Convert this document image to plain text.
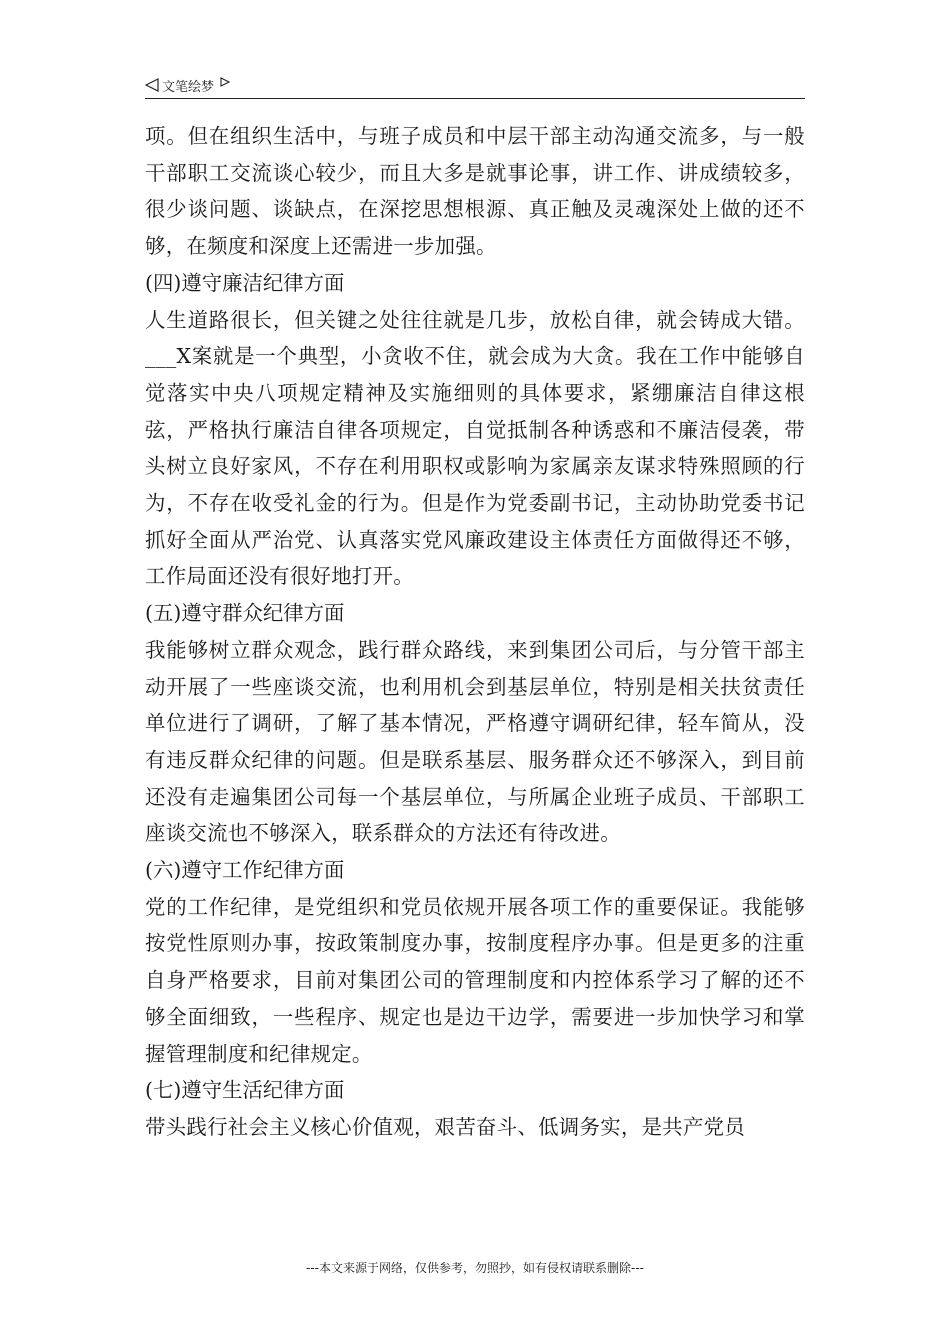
文笔绘梦

项。但在组织生活中，与班子成员和中层干部主动沟通交流多，与一般干部职工交流谈心较少，而且大多是就事论事，讲工作、讲成绩较多，很少谈问题、谈缺点，在深挖思想根源、真正触及灵魂深处上做的还不够，在频度和深度上还需进一步加强。

(四)遵守廉洁纪律方面

人生道路很长，但关键之处往往就是几步，放松自律，就会铸成大错。___X案就是一个典型，小贪收不住，就会成为大贪。我在工作中能够自觉落实中央八项规定精神及实施细则的具体要求，紧绷廉洁自律这根弦，严格执行廉洁自律各项规定，自觉抵制各种诱惑和不廉洁侵袭，带头树立良好家风，不存在利用职权或影响为家属亲友谋求特殊照顾的行为，不存在收受礼金的行为。但是作为党委副书记，主动协助党委书记抓好全面从严治党、认真落实党风廉政建设主体责任方面做得还不够，工作局面还没有很好地打开。

(五)遵守群众纪律方面

我能够树立群众观念，践行群众路线，来到集团公司后，与分管干部主动开展了一些座谈交流，也利用机会到基层单位，特别是相关扶贫责任单位进行了调研，了解了基本情况，严格遵守调研纪律，轻车简从，没有违反群众纪律的问题。但是联系基层、服务群众还不够深入，到目前还没有走遍集团公司每一个基层单位，与所属企业班子成员、干部职工座谈交流也不够深入，联系群众的方法还有待改进。

(六)遵守工作纪律方面

党的工作纪律，是党组织和党员依规开展各项工作的重要保证。我能够按党性原则办事，按政策制度办事，按制度程序办事。但是更多的注重自身严格要求，目前对集团公司的管理制度和内控体系学习了解的还不够全面细致，一些程序、规定也是边干边学，需要进一步加快学习和掌握管理制度和纪律规定。

(七)遵守生活纪律方面

带头践行社会主义核心价值观，艰苦奋斗、低调务实，是共产党员

---本文来源于网络，仅供参考，勿照抄，如有侵权请联系删除---
